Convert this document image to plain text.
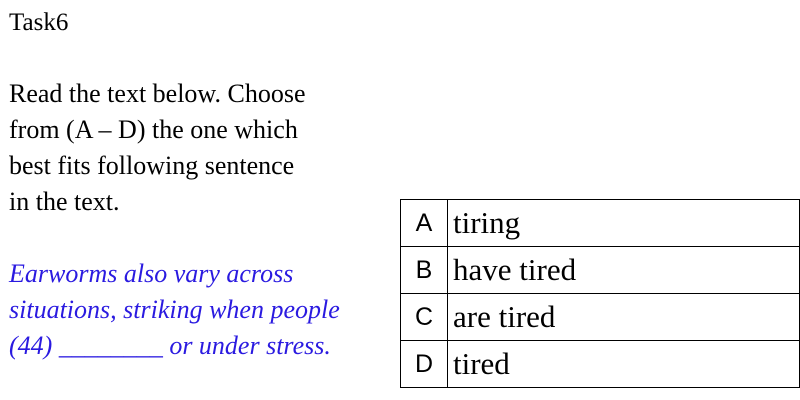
Task6

Read the text below. Choose
from (A – D) the one which
best fits following sentence
in the text.

Earworms also vary across
situations, striking when people
(44) ________ or under stress.

A	tiring
B	have tired
C	are tired
D	tired
